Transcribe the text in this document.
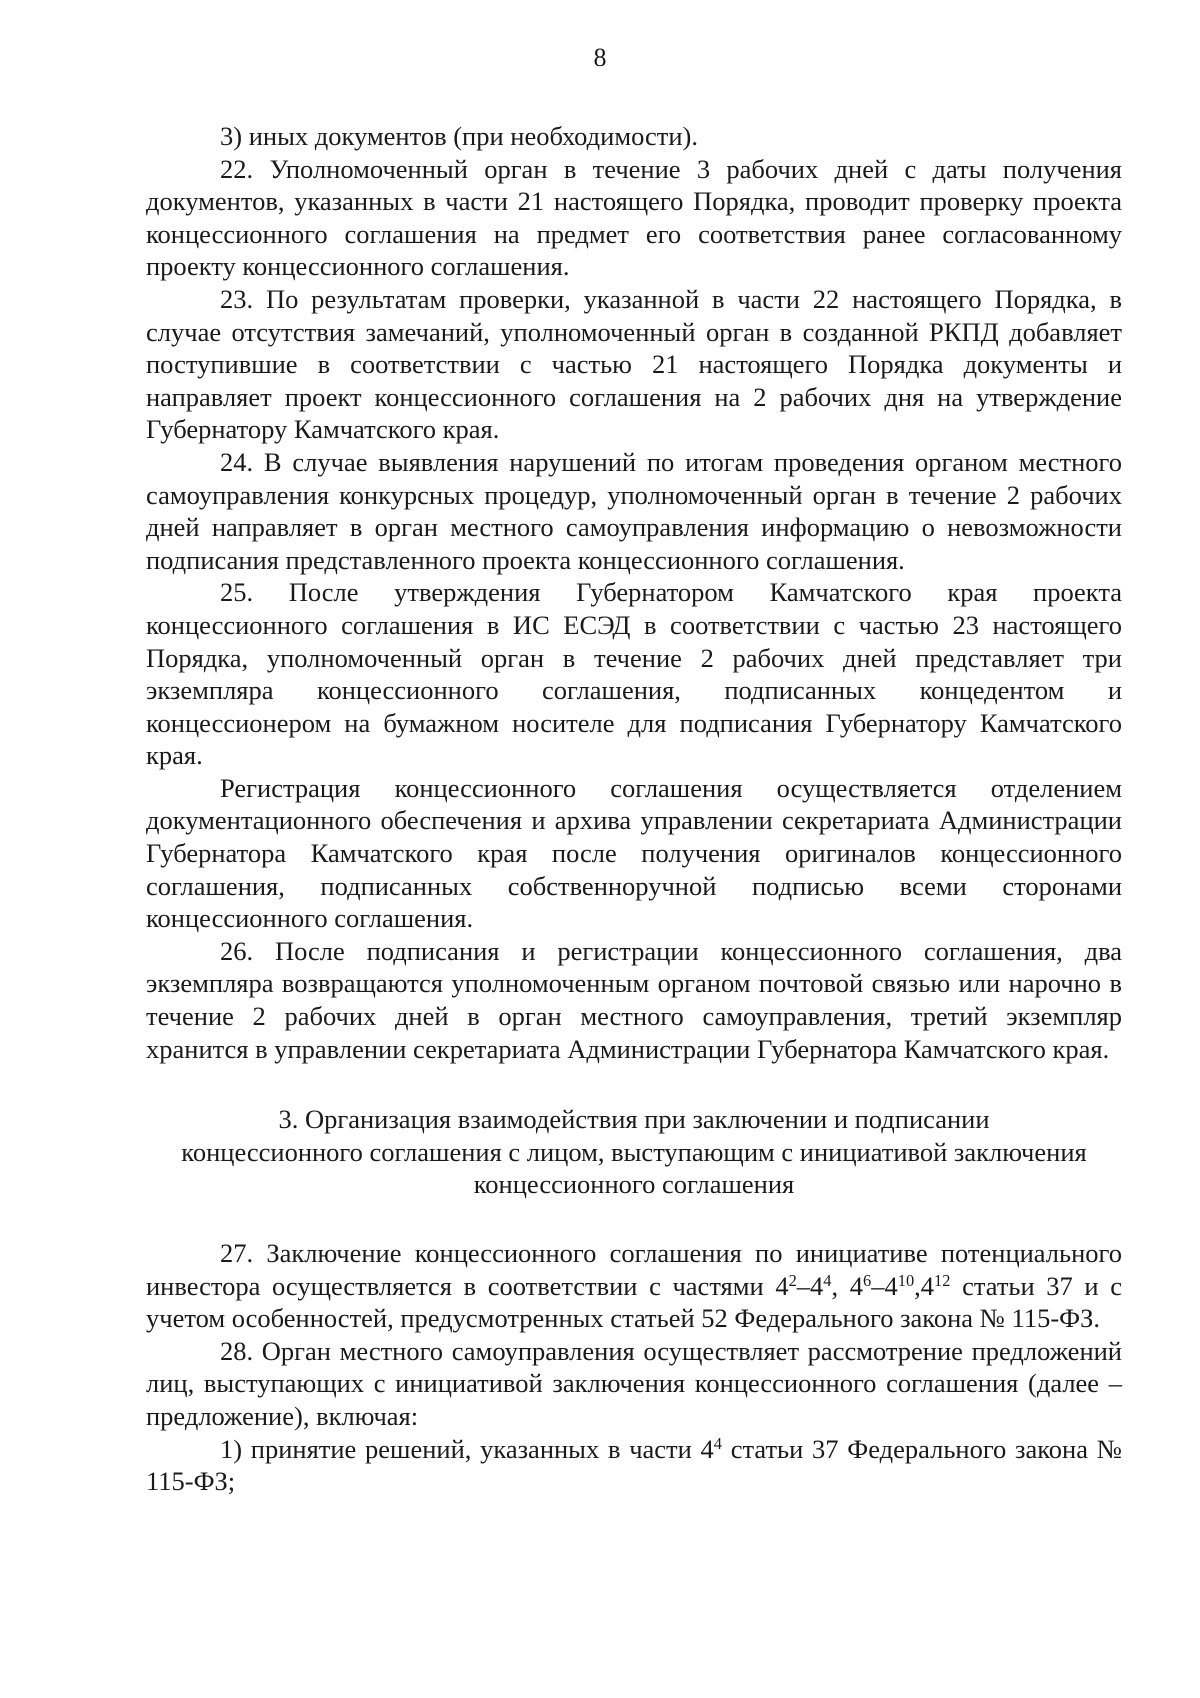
8

3) иных документов (при необходимости).

22. Уполномоченный орган в течение 3 рабочих дней с даты получения документов, указанных в части 21 настоящего Порядка, проводит проверку проекта концессионного соглашения на предмет его соответствия ранее согласованному проекту концессионного соглашения.

23. По результатам проверки, указанной в части 22 настоящего Порядка, в случае отсутствия замечаний, уполномоченный орган в созданной РКПД добавляет поступившие в соответствии с частью 21 настоящего Порядка документы и направляет проект концессионного соглашения на 2 рабочих дня на утверждение Губернатору Камчатского края.

24. В случае выявления нарушений по итогам проведения органом местного самоуправления конкурсных процедур, уполномоченный орган в течение 2 рабочих дней направляет в орган местного самоуправления информацию о невозможности подписания представленного проекта концессионного соглашения.

25. После утверждения Губернатором Камчатского края проекта концессионного соглашения в ИС ЕСЭД в соответствии с частью 23 настоящего Порядка, уполномоченный орган в течение 2 рабочих дней представляет три экземпляра концессионного соглашения, подписанных концедентом и концессионером на бумажном носителе для подписания Губернатору Камчатского края.

Регистрация концессионного соглашения осуществляется отделением документационного обеспечения и архива управлении секретариата Администрации Губернатора Камчатского края после получения оригиналов концессионного соглашения, подписанных собственноручной подписью всеми сторонами концессионного соглашения.

26. После подписания и регистрации концессионного соглашения, два экземпляра возвращаются уполномоченным органом почтовой связью или нарочно в течение 2 рабочих дней в орган местного самоуправления, третий экземпляр хранится в управлении секретариата Администрации Губернатора Камчатского края.

3. Организация взаимодействия при заключении и подписании
концессионного соглашения с лицом, выступающим с инициативой заключения
концессионного соглашения

27. Заключение концессионного соглашения по инициативе потенциального инвестора осуществляется в соответствии с частями $4^2-4^4$, $4^6-4^{10},4^{12}$ статьи 37 и с учетом особенностей, предусмотренных статьей 52 Федерального закона № 115-ФЗ.

28. Орган местного самоуправления осуществляет рассмотрение предложений лиц, выступающих с инициативой заключения концессионного соглашения (далее – предложение), включая:

1) принятие решений, указанных в части $4^4$ статьи 37 Федерального закона № 115-ФЗ;
